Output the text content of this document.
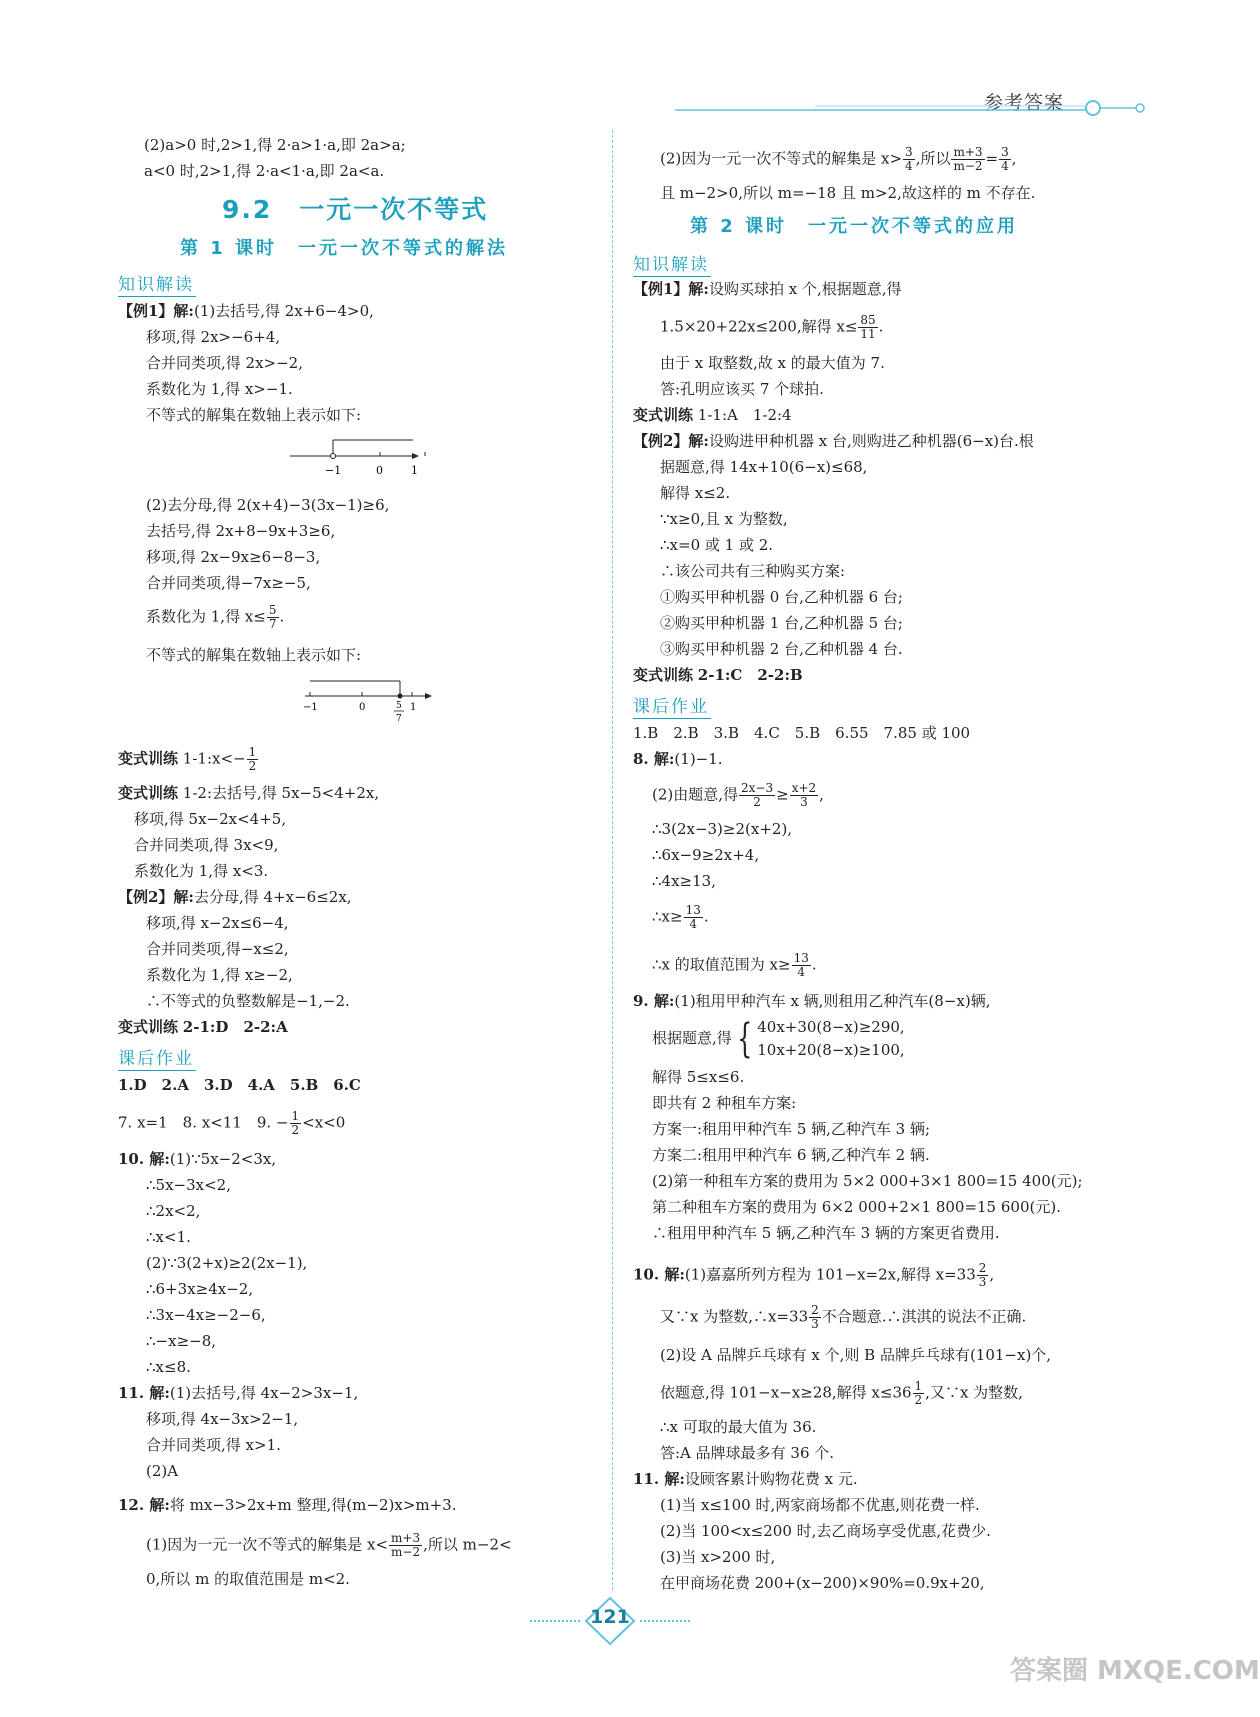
参考答案
(2)a>0 时,2>1,得 2·a>1·a,即 2a>a;
a<0 时,2>1,得 2·a<1·a,即 2a<a.
9.2　一元一次不等式
第 1 课时　一元一次不等式的解法
知识解读
【例1】解:(1)去括号,得 2x+6−4>0,
移项,得 2x>−6+4,
合并同类项,得 2x>−2,
系数化为 1,得 x>−1.
不等式的解集在数轴上表示如下:
−1	0	1
(2)去分母,得 2(x+4)−3(3x−1)≥6,
去括号,得 2x+8−9x+3≥6,
移项,得 2x−9x≥6−8−3,
合并同类项,得−7x≥−5,
系数化为 1,得 $x\le \frac{5}{7}$ .
不等式的解集在数轴上表示如下:
−1	0	1
5
7
变式训练 1-1:x<− $\frac{1}{2}$
变式训练 1-2:去括号,得 5x−5<4+2x,
移项,得 5x−2x<4+5,
合并同类项,得 3x<9,
系数化为 1,得 x<3.
【例2】解:去分母,得 4+x−6≤2x,
移项,得 x−2x≤6−4,
合并同类项,得−x≤2,
系数化为 1,得 x≥−2,
∴不等式的负整数解是−1,−2.
变式训练 2-1:D　2-2:A
课后作业
1.D　2.A　3.D　4.A　5.B　6.C
7. x=1　8. x<11　9. − $\frac{1}{2} <x<0$
10. 解:(1)∵5x−2<3x,
∴5x−3x<2,
∴2x<2,
∴x<1.
(2)∵3(2+x)≥2(2x−1),
∴6+3x≥4x−2,
∴3x−4x≥−2−6,
∴−x≥−8,
∴x≤8.
11. 解:(1)去括号,得 4x−2>3x−1,
移项,得 4x−3x>2−1,
合并同类项,得 x>1.
(2)A
12. 解:将 mx−3>2x+m 整理,得(m−2)x>m+3.
(1)因为一元一次不等式的解集是 $x< \frac{m+3}{m-2}$ ,所以 m−2<
0,所以 m 的取值范围是 m<2.
(2)因为一元一次不等式的解集是 $x> \frac{3}{4}$ ,所以 $\frac{m+3}{m-2} = \frac{3}{4}$ ,
且 m−2>0,所以 m=−18 且 m>2,故这样的 m 不存在.
第 2 课时　一元一次不等式的应用
知识解读
【例1】解:设购买球拍 x 个,根据题意,得
1.5×20+22x≤200,解得 $x\le \frac{85}{11}$ .
由于 x 取整数,故 x 的最大值为 7.
答:孔明应该买 7 个球拍.
变式训练 1-1:A　1-2:4
【例2】解:设购进甲种机器 x 台,则购进乙种机器(6−x)台.根
据题意,得 14x+10(6−x)≤68,
解得 x≤2.
∵x≥0,且 x 为整数,
∴x=0 或 1 或 2.
∴该公司共有三种购买方案:
①购买甲种机器 0 台,乙种机器 6 台;
②购买甲种机器 1 台,乙种机器 5 台;
③购买甲种机器 2 台,乙种机器 4 台.
变式训练 2-1:C　2-2:B
课后作业
1.B　2.B　3.B　4.C　5.B　6.55　7.85 或 100
8. 解:(1)−1.
(2)由题意,得 $\frac{2x-3}{2} \ge \frac{x+2}{3}$ ,
∴3(2x−3)≥2(x+2),
∴6x−9≥2x+4,
∴4x≥13,
∴x≥ $\frac{13}{4}$ .
∴x 的取值范围为 $x\ge \frac{13}{4}$ .
9. 解:(1)租用甲种汽车 x 辆,则租用乙种汽车(8−x)辆,
根据题意,得 { 40x+30(8−x)≥290,
10x+20(8−x)≥100,
解得 5≤x≤6.
即共有 2 种租车方案:
方案一:租用甲种汽车 5 辆,乙种汽车 3 辆;
方案二:租用甲种汽车 6 辆,乙种汽车 2 辆.
(2)第一种租车方案的费用为 5×2 000+3×1 800=15 400(元);
第二种租车方案的费用为 6×2 000+2×1 800=15 600(元).
∴租用甲种汽车 5 辆,乙种汽车 3 辆的方案更省费用.
10. 解:(1)嘉嘉所列方程为 101−x=2x,解得 $x=33 \frac{2}{3}$ ,
又∵x 为整数,∴x=33 $\frac{2}{3}$ 不合题意.∴淇淇的说法不正确.
(2)设 A 品牌乒乓球有 x 个,则 B 品牌乒乓球有(101−x)个,
依题意,得 101−x−x≥28,解得 $x\le 36 \frac{1}{2}$ ,又∵x 为整数,
∴x 可取的最大值为 36.
答:A 品牌球最多有 36 个.
11. 解:设顾客累计购物花费 x 元.
(1)当 x≤100 时,两家商场都不优惠,则花费一样.
(2)当 100<x≤200 时,去乙商场享受优惠,花费少.
(3)当 x>200 时,
在甲商场花费 200+(x−200)×90%=0.9x+20,
121
答案圈 MXQE.COM
